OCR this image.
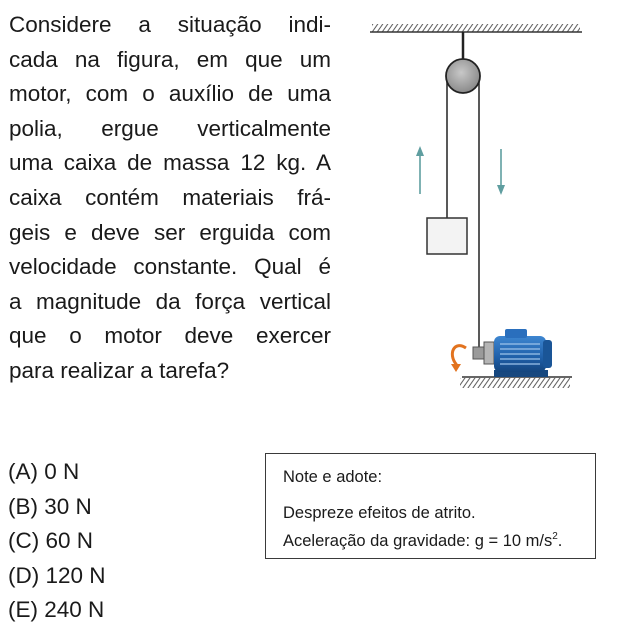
Considere a situação indi-
cada na figura, em que um
motor, com o auxílio de uma
polia, ergue verticalmente
uma caixa de massa 12 kg. A
caixa contém materiais frá-
geis e deve ser erguida com
velocidade constante. Qual é
a magnitude da força vertical
que o motor deve exercer
para realizar a tarefa?

(A) 0 N
(B) 30 N
(C) 60 N
(D) 120 N
(E) 240 N
Note e adote:
Despreze efeitos de atrito.
Aceleração da gravidade: g = 10 $m/s^2$.
